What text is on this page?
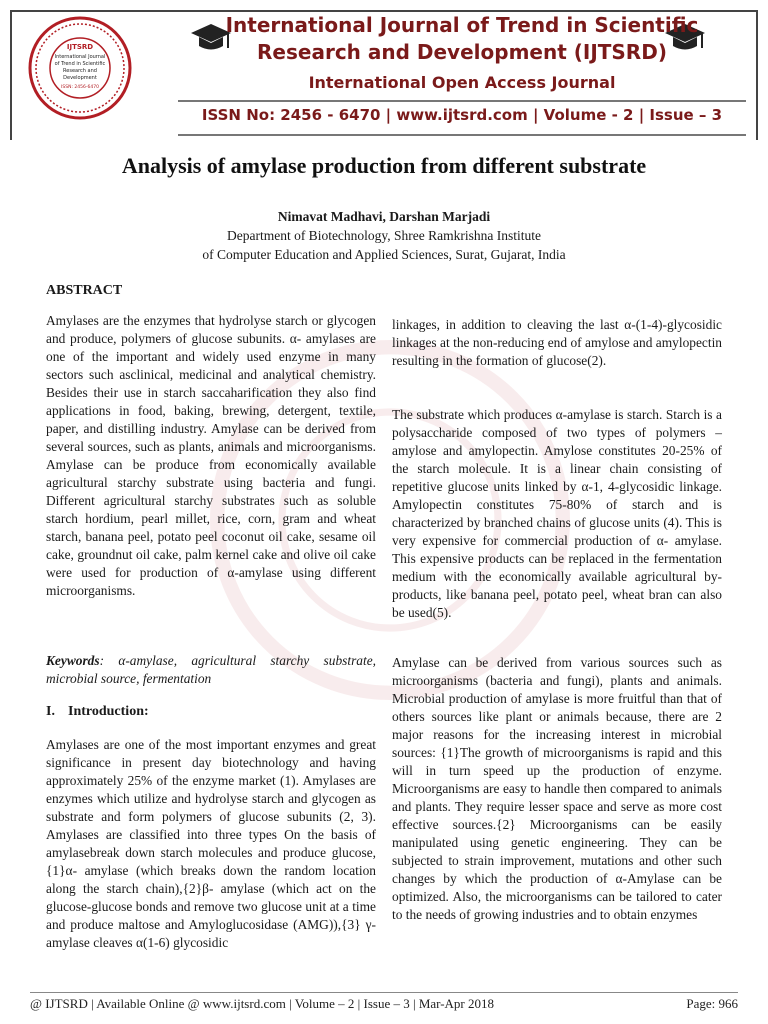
IJTSRD
International Journal
of Trend in Scientific
Research and
Development
ISSN: 2456-6470
International Journal of Trend in Scientific
Research and Development (IJTSRD)
International Open Access Journal
ISSN No: 2456 - 6470 | www.ijtsrd.com | Volume - 2 | Issue – 3
Analysis of amylase production from different substrate
Nimavat Madhavi, Darshan Marjadi
Department of Biotechnology, Shree Ramkrishna Institute
of Computer Education and Applied Sciences, Surat, Gujarat, India
ABSTRACT
Amylases are the enzymes that hydrolyse starch or glycogen and produce, polymers of glucose subunits. α- amylases are one of the important and widely used enzyme in many sectors such asclinical, medicinal and analytical chemistry. Besides their use in starch saccaharification they also find applications in food, baking, brewing, detergent, textile, paper, and distilling industry. Amylase can be derived from several sources, such as plants, animals and microorganisms. Amylase can be produce from economically available agricultural starchy substrate using bacteria and fungi. Different agricultural starchy substrates such as soluble starch hordium, pearl millet, rice, corn, gram and wheat starch, banana peel, potato peel coconut oil cake, sesame oil cake, groundnut oil cake, palm kernel cake and olive oil cake were used for production of α-amylase using different microorganisms.
Keywords: α-amylase, agricultural starchy substrate, microbial source, fermentation
I. Introduction:
Amylases are one of the most important enzymes and great significance in present day biotechnology and having approximately 25% of the enzyme market (1). Amylases are enzymes which utilize and hydrolyse starch and glycogen as substrate and form polymers of glucose subunits (2, 3). Amylases are classified into three types On the basis of amylasebreak down starch molecules and produce glucose, {1}α- amylase (which breaks down the random location along the starch chain),{2}β- amylase (which act on the glucose-glucose bonds and remove two glucose unit at a time and produce maltose and Amyloglucosidase (AMG)),{3} γ- amylase cleaves α(1-6) glycosidic
linkages, in addition to cleaving the last α-(1-4)-glycosidic linkages at the non-reducing end of amylose and amylopectin resulting in the formation of glucose(2).
The substrate which produces α-amylase is starch. Starch is a polysaccharide composed of two types of polymers – amylose and amylopectin. Amylose constitutes 20-25% of the starch molecule. It is a linear chain consisting of repetitive glucose units linked by α-1, 4-glycosidic linkage. Amylopectin constitutes 75-80% of starch and is characterized by branched chains of glucose units (4). This is very expensive for commercial production of α- amylase. This expensive products can be replaced in the fermentation medium with the economically available agricultural by-products, like banana peel, potato peel, wheat bran can also be used(5).
Amylase can be derived from various sources such as microorganisms (bacteria and fungi), plants and animals. Microbial production of amylase is more fruitful than that of others sources like plant or animals because, there are 2 major reasons for the increasing interest in microbial sources: {1}The growth of microorganisms is rapid and this will in turn speed up the production of enzyme. Microorganisms are easy to handle then compared to animals and plants. They require lesser space and serve as more cost effective sources.{2} Microorganisms can be easily manipulated using genetic engineering. They can be subjected to strain improvement, mutations and other such changes by which the production of α-Amylase can be optimized. Also, the microorganisms can be tailored to cater to the needs of growing industries and to obtain enzymes
@ IJTSRD | Available Online @ www.ijtsrd.com | Volume – 2 | Issue – 3 | Mar-Apr 2018	Page: 966
